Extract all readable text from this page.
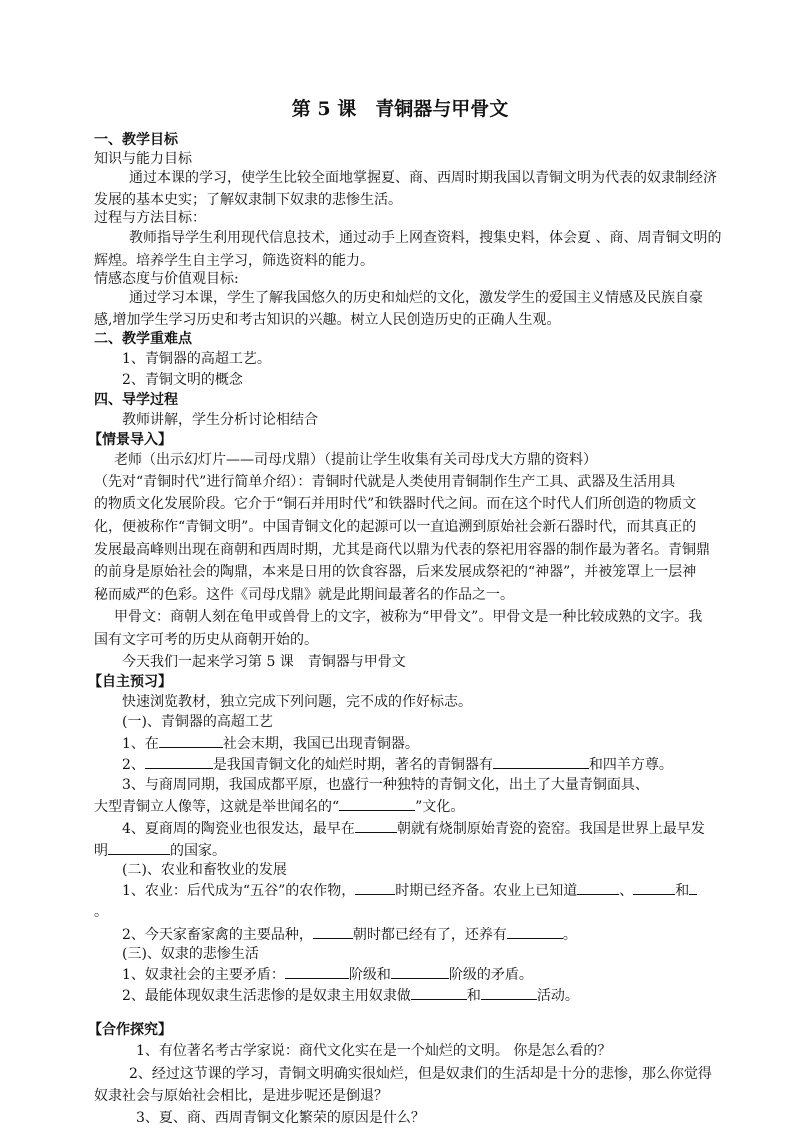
第 5 课　青铜器与甲骨文
一、教学目标
知识与能力目标
通过本课的学习，使学生比较全面地掌握夏、商、西周时期我国以青铜文明为代表的奴隶制经济
发展的基本史实；了解奴隶制下奴隶的悲惨生活。
过程与方法目标：
教师指导学生利用现代信息技术，通过动手上网查资料，搜集史料，体会夏 、商、周青铜文明的
辉煌。培养学生自主学习，筛选资料的能力。
情感态度与价值观目标:
通过学习本课，学生了解我国悠久的历史和灿烂的文化，激发学生的爱国主义情感及民族自豪
感,增加学生学习历史和考古知识的兴趣。树立人民创造历史的正确人生观。
二、教学重难点
1、青铜器的高超工艺。
2、青铜文明的概念
四、导学过程
教师讲解，学生分析讨论相结合
【情景导入】
老师（出示幻灯片——司母戊鼎）（提前让学生收集有关司母戊大方鼎的资料）
（先对“青铜时代”进行简单介绍）：青铜时代就是人类使用青铜制作生产工具、武器及生活用具
的物质文化发展阶段。它介于“铜石并用时代”和铁器时代之间。而在这个时代人们所创造的物质文
化，便被称作“青铜文明”。中国青铜文化的起源可以一直追溯到原始社会新石器时代，而其真正的
发展最高峰则出现在商朝和西周时期，尤其是商代以鼎为代表的祭祀用容器的制作最为著名。青铜鼎
的前身是原始社会的陶鼎，本来是日用的饮食容器，后来发展成祭祀的“神器”，并被笼罩上一层神
秘而威严的色彩。这件《司母戊鼎》就是此期间最著名的作品之一。
甲骨文：商朝人刻在龟甲或兽骨上的文字，被称为“甲骨文”。甲骨文是一种比较成熟的文字。我
国有文字可考的历史从商朝开始的。
今天我们一起来学习第 5 课　青铜器与甲骨文
【自主预习】
快速浏览教材，独立完成下列问题，完不成的作好标志。
(一)、青铜器的高超工艺
1、在	社会末期，我国已出现青铜器。
2、	是我国青铜文化的灿烂时期，著名的青铜器有	和四羊方尊。
3、与商周同期，我国成都平原，也盛行一种独特的青铜文化，出土了大量青铜面具、
大型青铜立人像等，这就是举世闻名的“	”文化。
4、夏商周的陶瓷业也很发达，最早在	朝就有烧制原始青瓷的瓷窑。我国是世界上最早发
明	的国家。
(二)、农业和畜牧业的发展
1、农业：后代成为“五谷”的农作物，	时期已经齐备。农业上已知道	、	和
。
2、今天家畜家禽的主要品种，	朝时都已经有了，还养有	。
(三)、奴隶的悲惨生活
1、奴隶社会的主要矛盾：	阶级和	阶级的矛盾。
2、最能体现奴隶生活悲惨的是奴隶主用奴隶做	和	活动。
【合作探究】
1、有位著名考古学家说：商代文化实在是一个灿烂的文明。 你是怎么看的？
2、经过这节课的学习，青铜文明确实很灿烂，但是奴隶们的生活却是十分的悲惨，那么你觉得
奴隶社会与原始社会相比，是进步呢还是倒退？
3、夏、商、西周青铜文化繁荣的原因是什么？
